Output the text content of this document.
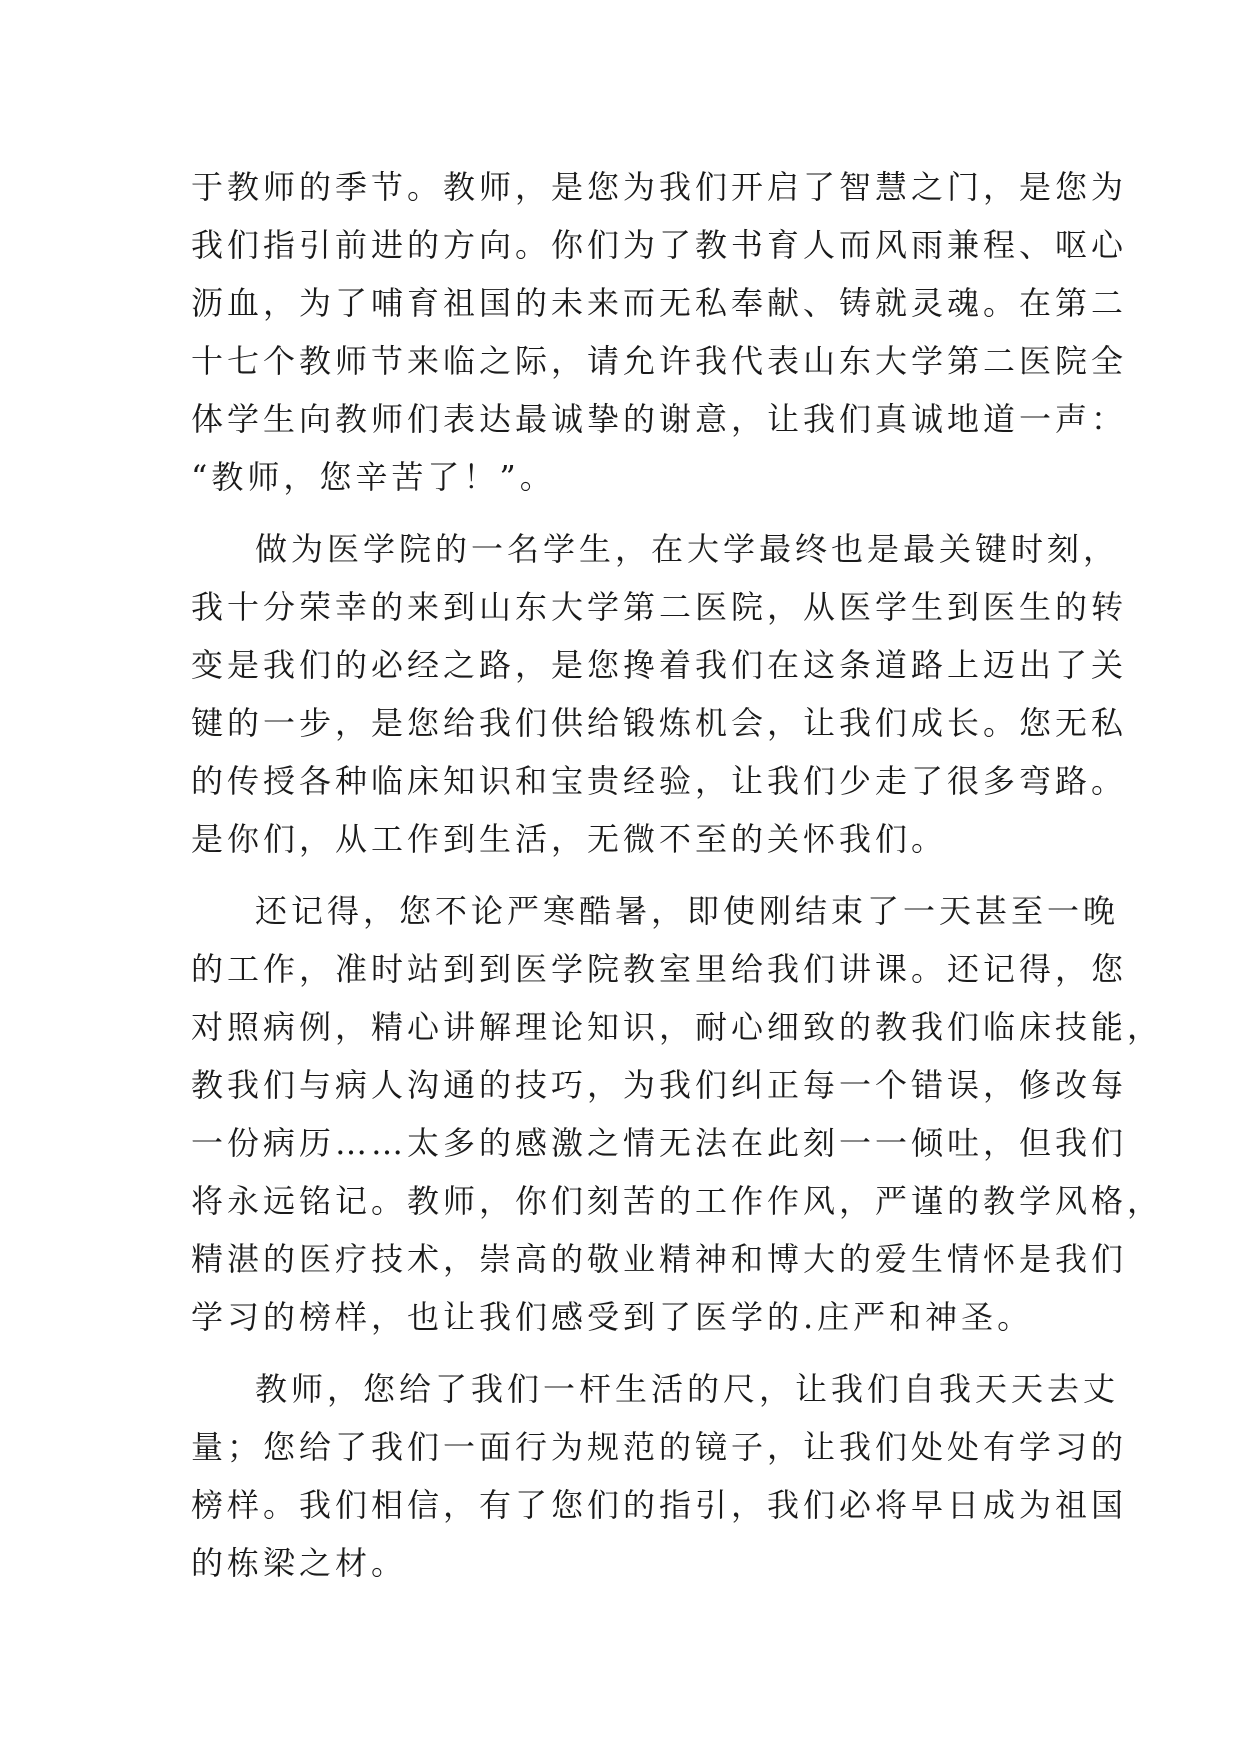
于教师的季节。教师，是您为我们开启了智慧之门，是您为
我们指引前进的方向。你们为了教书育人而风雨兼程、呕心
沥血，为了哺育祖国的未来而无私奉献、铸就灵魂。在第二
十七个教师节来临之际，请允许我代表山东大学第二医院全
体学生向教师们表达最诚挚的谢意，让我们真诚地道一声：
“教师，您辛苦了！”。
做为医学院的一名学生，在大学最终也是最关键时刻，
我十分荣幸的来到山东大学第二医院，从医学生到医生的转
变是我们的必经之路，是您搀着我们在这条道路上迈出了关
键的一步，是您给我们供给锻炼机会，让我们成长。您无私
的传授各种临床知识和宝贵经验，让我们少走了很多弯路。
是你们，从工作到生活，无微不至的关怀我们。
还记得，您不论严寒酷暑，即使刚结束了一天甚至一晚
的工作，准时站到到医学院教室里给我们讲课。还记得，您
对照病例，精心讲解理论知识，耐心细致的教我们临床技能，
教我们与病人沟通的技巧，为我们纠正每一个错误，修改每
一份病历……太多的感激之情无法在此刻一一倾吐，但我们
将永远铭记。教师，你们刻苦的工作作风，严谨的教学风格，
精湛的医疗技术，崇高的敬业精神和博大的爱生情怀是我们
学习的榜样，也让我们感受到了医学的.庄严和神圣。
教师，您给了我们一杆生活的尺，让我们自我天天去丈
量；您给了我们一面行为规范的镜子，让我们处处有学习的
榜样。我们相信，有了您们的指引，我们必将早日成为祖国
的栋梁之材。
